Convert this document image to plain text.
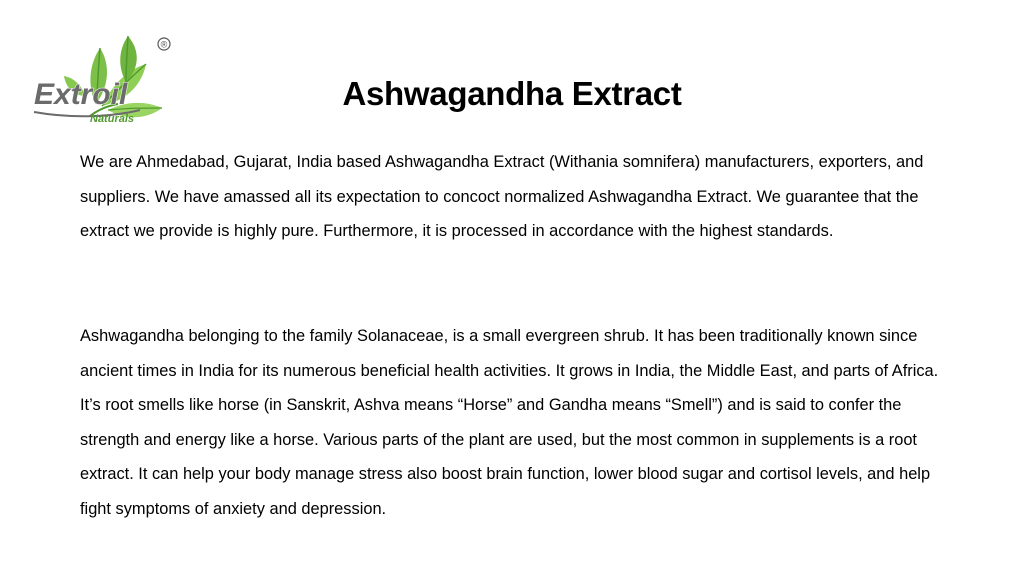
®
Extroil
Naturals
Ashwagandha Extract

We are Ahmedabad, Gujarat, India based Ashwagandha Extract (Withania somnifera) manufacturers, exporters, and suppliers. We have amassed all its expectation to concoct normalized Ashwagandha Extract. We guarantee that the extract we provide is highly pure. Furthermore, it is processed in accordance with the highest standards.

Ashwagandha belonging to the family Solanaceae, is a small evergreen shrub. It has been traditionally known since ancient times in India for its numerous beneficial health activities. It grows in India, the Middle East, and parts of Africa. It’s root smells like horse (in Sanskrit, Ashva means “Horse” and Gandha means “Smell”) and is said to confer the strength and energy like a horse. Various parts of the plant are used, but the most common in supplements is a root extract. It can help your body manage stress also boost brain function, lower blood sugar and cortisol levels, and help fight symptoms of anxiety and depression.
